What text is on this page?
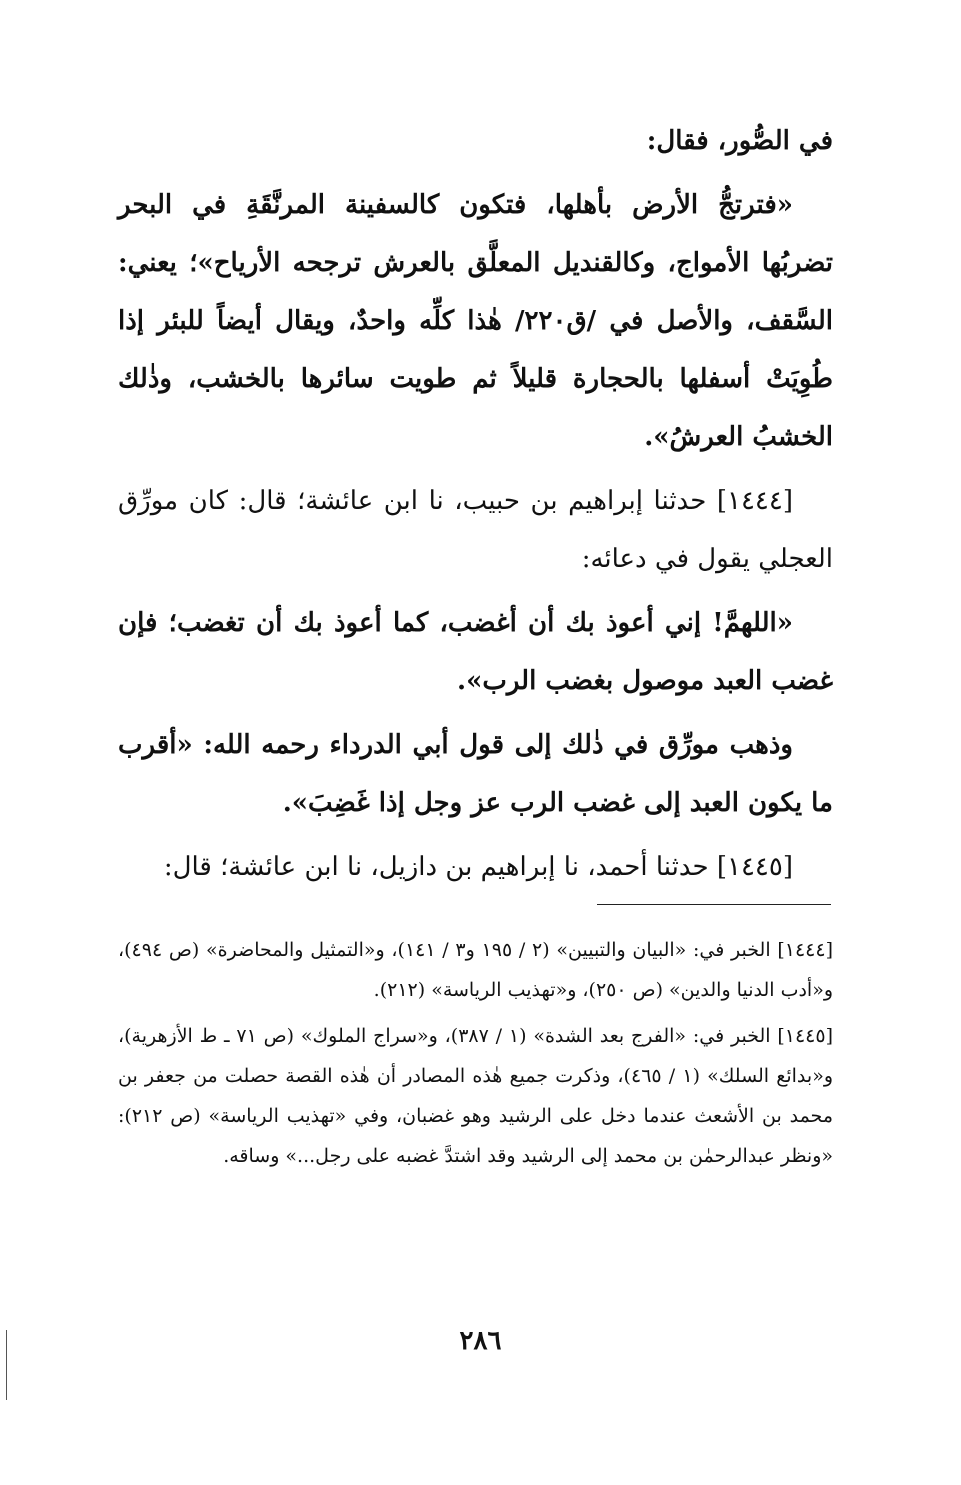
في الصُّور، فقال:

«فترتجُّ الأرض بأهلها، فتكون كالسفينة المرنَّقَةِ في البحر تضربُها الأمواج، وكالقنديل المعلَّق بالعرش ترجحه الأرياح»؛ يعني: السَّقف، والأصل في /ق٢٢٠/ هٰذا كلِّه واحدٌ، ويقال أيضاً للبئر إذا طُوِيَتْ أسفلها بالحجارة قليلاً ثم طويت سائرها بالخشب، وذٰلك الخشبُ العرشُ».

[١٤٤٤] حدثنا إبراهيم بن حبيب، نا ابن عائشة؛ قال: كان مورِّق العجلي يقول في دعائه:

«اللهمَّ! إني أعوذ بك أن أغضب، كما أعوذ بك أن تغضب؛ فإن غضب العبد موصول بغضب الرب».

وذهب مورِّق في ذٰلك إلى قول أبي الدرداء رحمه الله: «أقرب ما يكون العبد إلى غضب الرب عز وجل إذا غَضِبَ».

[١٤٤٥] حدثنا أحمد، نا إبراهيم بن دازيل، نا ابن عائشة؛ قال:

[١٤٤٤] الخبر في: «البيان والتبيين» (٢ / ١٩٥ و٣ / ١٤١)، و«التمثيل والمحاضرة» (ص ٤٩٤)، و«أدب الدنيا والدين» (ص ٢٥٠)، و«تهذيب الرياسة» (٢١٢).

[١٤٤٥] الخبر في: «الفرج بعد الشدة» (١ / ٣٨٧)، و«سراج الملوك» (ص ٧١ ـ ط الأزهرية)، و«بدائع السلك» (١ / ٤٦٥)، وذكرت جميع هٰذه المصادر أن هٰذه القصة حصلت من جعفر بن محمد بن الأشعث عندما دخل على الرشيد وهو غضبان، وفي «تهذيب الرياسة» (ص ٢١٢): «ونظر عبدالرحمٰن بن محمد إلى الرشيد وقد اشتدَّ غضبه على رجل...» وساقه.

٢٨٦
